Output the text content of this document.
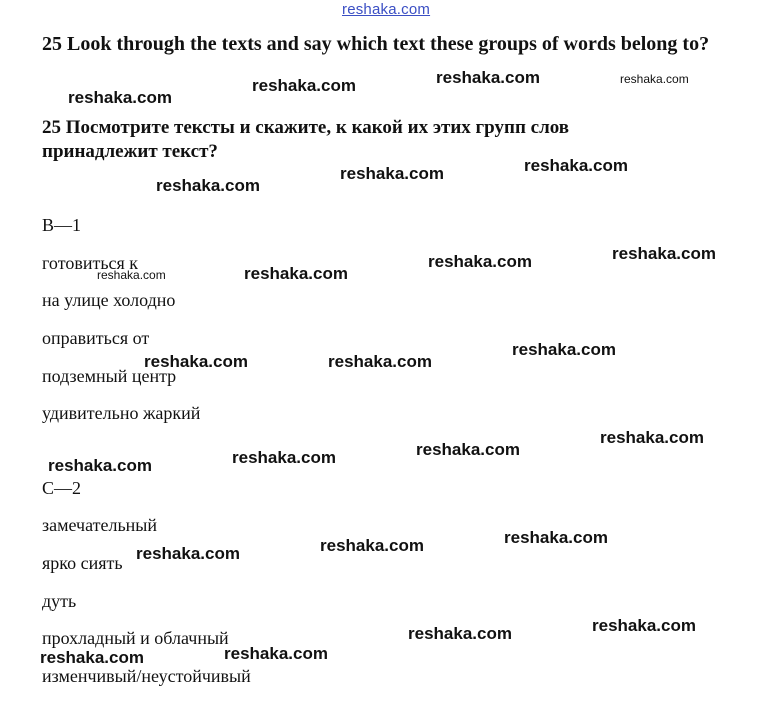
reshaka.com
25 Look through the texts and say which text these groups of words belong to?
25 Посмотрите тексты и скажите, к какой их этих групп слов принадлежит текст?
B—1
готовиться к
на улице холодно
оправиться от
подземный центр
удивительно жаркий
C—2
замечательный
ярко сиять
дуть
прохладный и облачный
изменчивый/неустойчивый
reshaka.com	reshaka.com	reshaka.com
reshaka.com
reshaka.com
reshaka.com
reshaka.com
reshaka.com
reshaka.com
reshaka.com
reshaka.com
reshaka.com
reshaka.com
reshaka.com
reshaka.com
reshaka.com
reshaka.com
reshaka.com
reshaka.com
reshaka.com
reshaka.com
reshaka.com
reshaka.com
reshaka.com
reshaka.com
